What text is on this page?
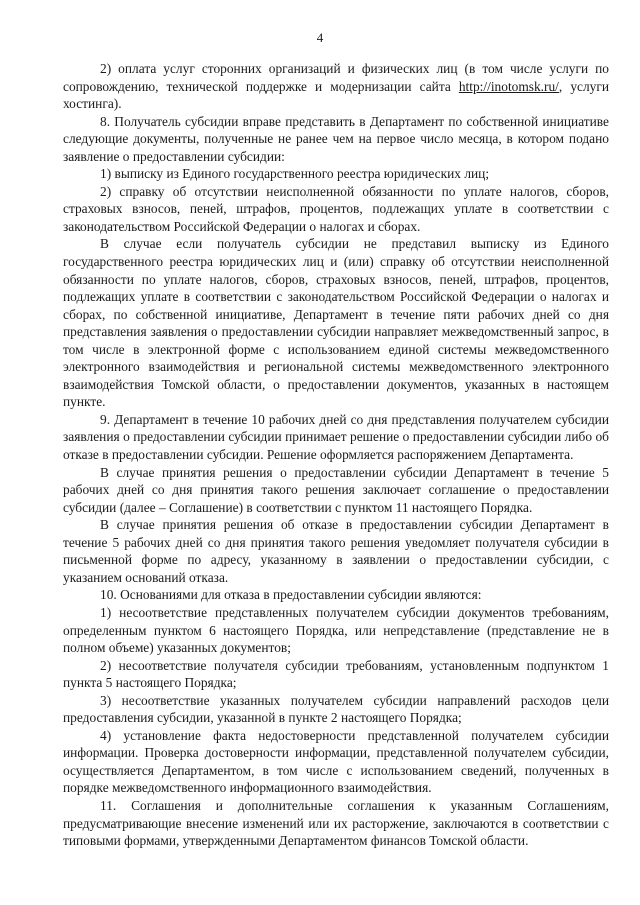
4

2) оплата услуг сторонних организаций и физических лиц (в том числе услуги по сопровождению, технической поддержке и модернизации сайта http://inotomsk.ru/, услуги хостинга).

8. Получатель субсидии вправе представить в Департамент по собственной инициативе следующие документы, полученные не ранее чем на первое число месяца, в котором подано заявление о предоставлении субсидии:

1) выписку из Единого государственного реестра юридических лиц;

2) справку об отсутствии неисполненной обязанности по уплате налогов, сборов, страховых взносов, пеней, штрафов, процентов, подлежащих уплате в соответствии с законодательством Российской Федерации о налогах и сборах.

В случае если получатель субсидии не представил выписку из Единого государственного реестра юридических лиц и (или) справку об отсутствии неисполненной обязанности по уплате налогов, сборов, страховых взносов, пеней, штрафов, процентов, подлежащих уплате в соответствии с законодательством Российской Федерации о налогах и сборах, по собственной инициативе, Департамент в течение пяти рабочих дней со дня представления заявления о предоставлении субсидии направляет межведомственный запрос, в том числе в электронной форме с использованием единой системы межведомственного электронного взаимодействия и региональной системы межведомственного электронного взаимодействия Томской области, о предоставлении документов, указанных в настоящем пункте.

9. Департамент в течение 10 рабочих дней со дня представления получателем субсидии заявления о предоставлении субсидии принимает решение о предоставлении субсидии либо об отказе в предоставлении субсидии. Решение оформляется распоряжением Департамента.

В случае принятия решения о предоставлении субсидии Департамент в течение 5 рабочих дней со дня принятия такого решения заключает соглашение о предоставлении субсидии (далее – Соглашение) в соответствии с пунктом 11 настоящего Порядка.

В случае принятия решения об отказе в предоставлении субсидии Департамент в течение 5 рабочих дней со дня принятия такого решения уведомляет получателя субсидии в письменной форме по адресу, указанному в заявлении о предоставлении субсидии, с указанием оснований отказа.

10. Основаниями для отказа в предоставлении субсидии являются:

1) несоответствие представленных получателем субсидии документов требованиям, определенным пунктом 6 настоящего Порядка, или непредставление (представление не в полном объеме) указанных документов;

2) несоответствие получателя субсидии требованиям, установленным подпунктом 1 пункта 5 настоящего Порядка;

3) несоответствие указанных получателем субсидии направлений расходов цели предоставления субсидии, указанной в пункте 2 настоящего Порядка;

4) установление факта недостоверности представленной получателем субсидии информации. Проверка достоверности информации, представленной получателем субсидии, осуществляется Департаментом, в том числе с использованием сведений, полученных в порядке межведомственного информационного взаимодействия.

11. Соглашения и дополнительные соглашения к указанным Соглашениям, предусматривающие внесение изменений или их расторжение, заключаются в соответствии с типовыми формами, утвержденными Департаментом финансов Томской области.
